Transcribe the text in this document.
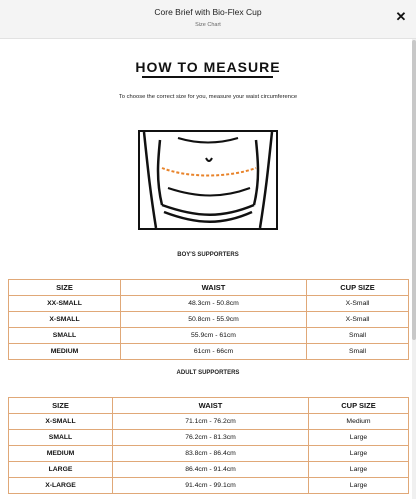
Core Brief with Bio-Flex Cup
Size Chart
✕
HOW TO MEASURE
To choose the correct size for you, measure your waist circumference
BOY'S SUPPORTERS
SIZE	WAIST	CUP SIZE
XX-SMALL	48.3cm - 50.8cm	X-Small
X-SMALL	50.8cm - 55.9cm	X-Small
SMALL	55.9cm - 61cm	Small
MEDIUM	61cm - 66cm	Small
ADULT SUPPORTERS
SIZE	WAIST	CUP SIZE
X-SMALL	71.1cm - 76.2cm	Medium
SMALL	76.2cm - 81.3cm	Large
MEDIUM	83.8cm - 86.4cm	Large
LARGE	86.4cm - 91.4cm	Large
X-LARGE	91.4cm - 99.1cm	Large
